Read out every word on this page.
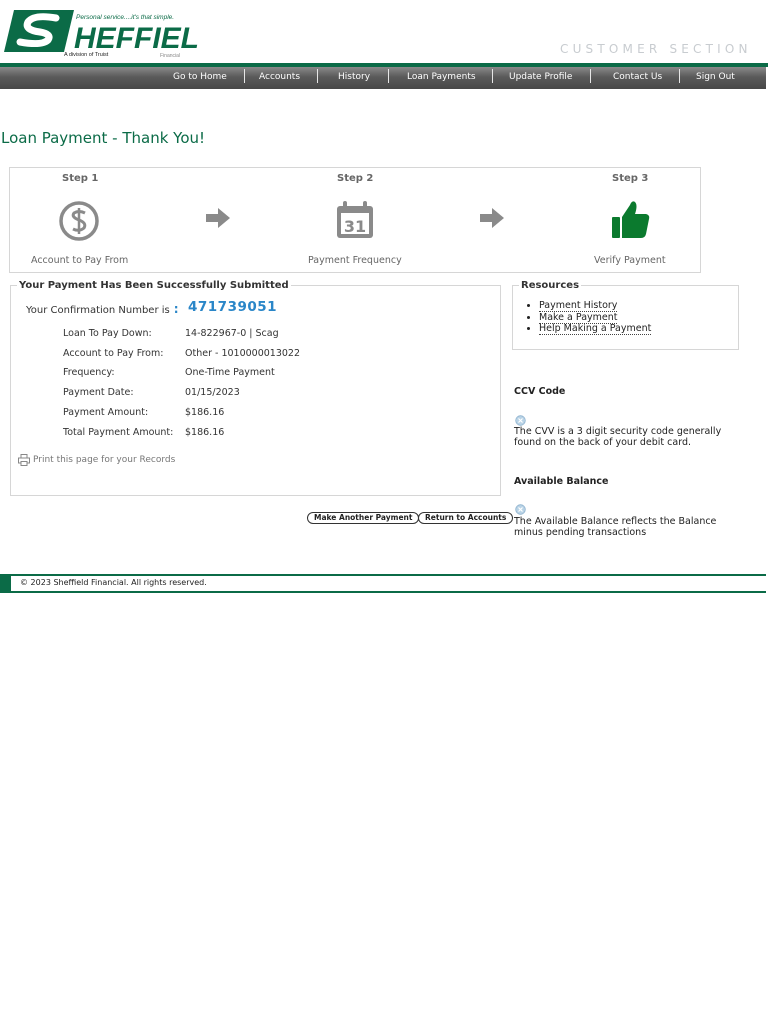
HEFFIEL
Personal service....it's that simple.
Financial
A division of Truist	CUSTOMER SECTION
Go to Home	Accounts	History	Loan Payments	Update Profile	Contact Us	Sign Out
Loan Payment - Thank You!
Step 1
Account to Pay From
Step 2
31
Payment Frequency
Step 3
Verify Payment
Your Payment Has Been Successfully Submitted
Your Confirmation Number is : 471739051
Loan To Pay Down:	14-822967-0 | Scag
Account to Pay From: Other - 1010000013022
Frequency:	One-Time Payment
Payment Date:	01/15/2023
Payment Amount:	$186.16
Total Payment Amount: $186.16
Print this page for your Records
Make Another Payment	Return to Accounts
Resources
• Payment History
• Make a Payment
• Help Making a Payment
CCV Code
The CVV is a 3 digit security code generally found on the back of your debit card.
Available Balance
The Available Balance reflects the Balance minus pending transactions
© 2023 Sheffield Financial. All rights reserved.
